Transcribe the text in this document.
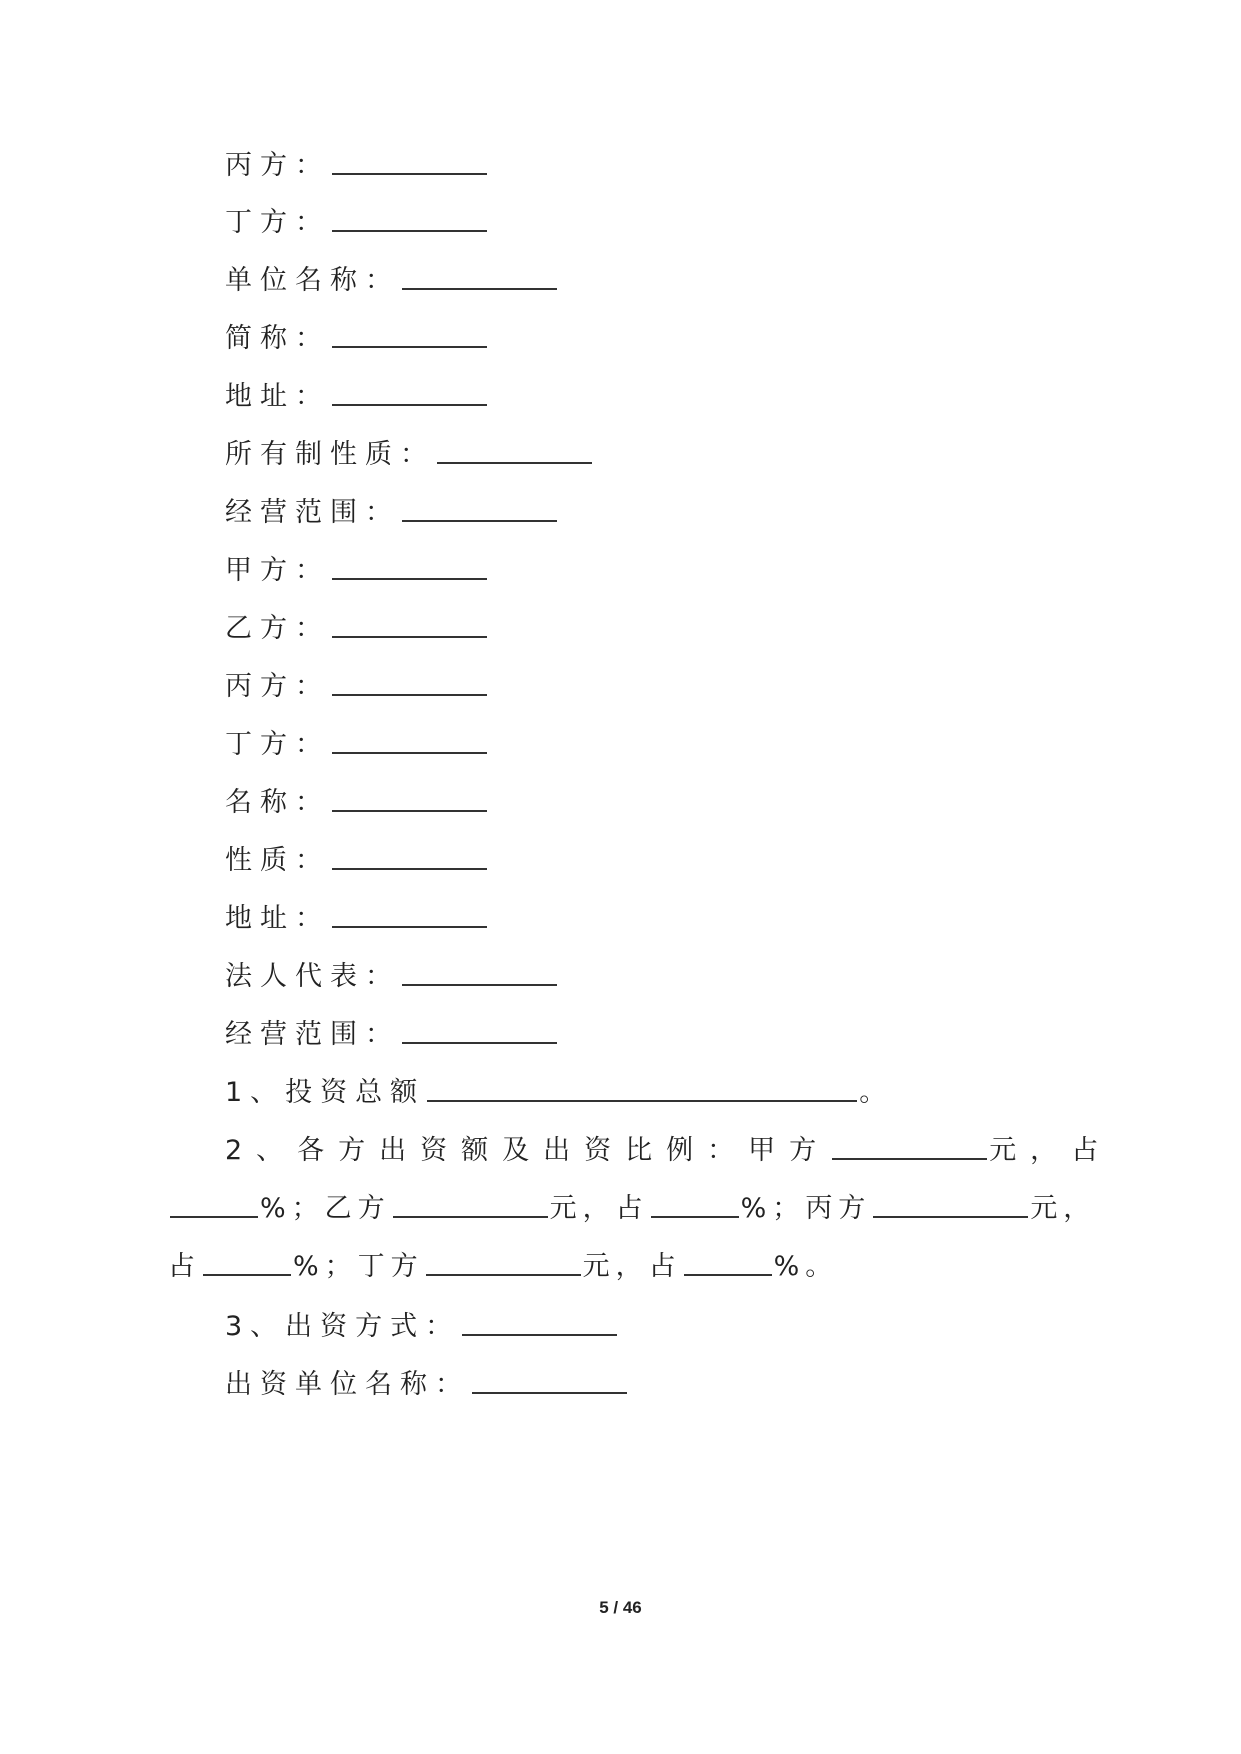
丙方：
丁方：
单位名称：
简称：
地址：
所有制性质：
经营范围：
甲方：
乙方：
丙方：
丁方：
名称：
性质：
地址：
法人代表：
经营范围：
1、投资总额	。
2、各方出资额及出资比例：甲方	元，占
%；乙方	元，占	%；丙方	元，
占	%；丁方	元，占	%。
3、出资方式：
出资单位名称：
5 / 46
